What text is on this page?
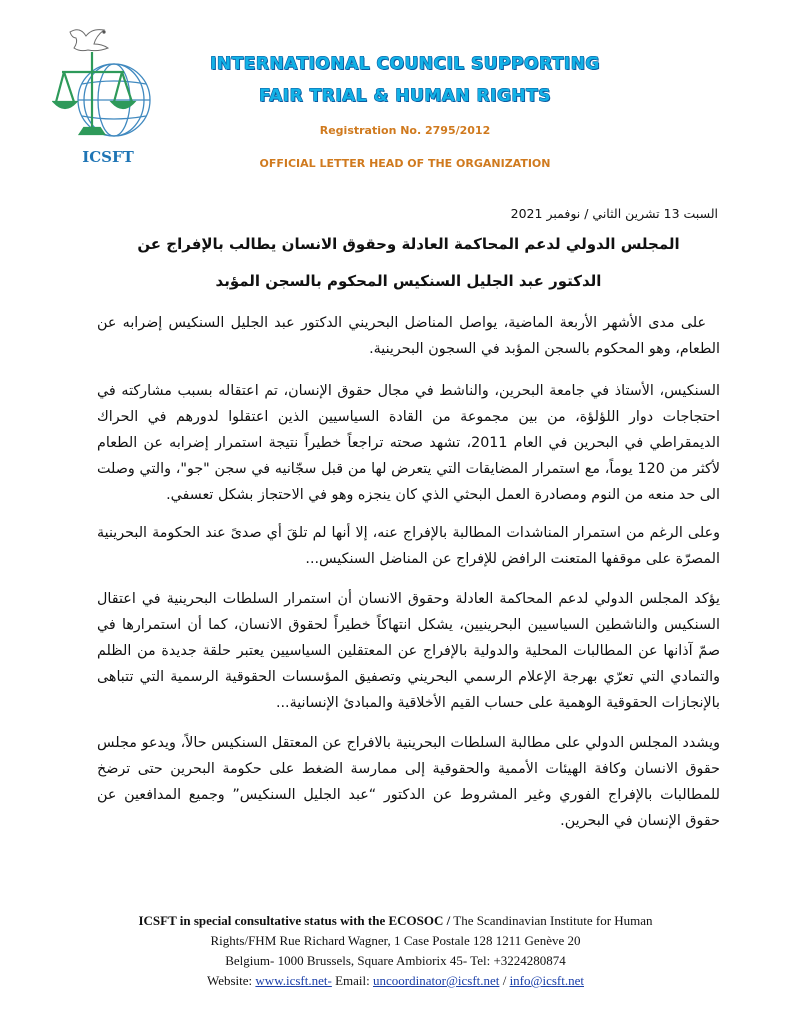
ICSFT
INTERNATIONAL COUNCIL SUPPORTING
FAIR TRIAL & HUMAN RIGHTS
Registration No. 2795/2012
OFFICIAL LETTER HEAD OF THE ORGANIZATION

السبت 13 تشرين الثاني / نوفمبر 2021

المجلس الدولي لدعم المحاكمة العادلة وحقوق الانسان يطالب بالإفراج عن

الدكتور عبد الجليل السنكيس المحكوم بالسجن المؤبد

على مدى الأشهر الأربعة الماضية، يواصل المناضل البحريني الدكتور عبد الجليل السنكيس إضرابه عن الطعام، وهو المحكوم بالسجن المؤبد في السجون البحرينية.

السنكيس، الأستاذ في جامعة البحرين، والناشط في مجال حقوق الإنسان، تم اعتقاله بسبب مشاركته في احتجاجات دوار اللؤلؤة، من بين مجموعة من القادة السياسيين الذين اعتقلوا لدورهم في الحراك الديمقراطي في البحرين في العام 2011، تشهد صحته تراجعاً خطيراً نتيجة استمرار إضرابه عن الطعام لأكثر من 120 يوماً، مع استمرار المضايقات التي يتعرض لها من قبل سجّانيه في سجن "جو"، والتي وصلت الى حد منعه من النوم ومصادرة العمل البحثي الذي كان ينجزه وهو في الاحتجاز بشكل تعسفي.

وعلى الرغم من استمرار المناشدات المطالبة بالإفراج عنه، إلا أنها لم تلقَ أي صدىً عند الحكومة البحرينية المصرّة على موقفها المتعنت الرافض للإفراج عن المناضل السنكيس...

يؤكد المجلس الدولي لدعم المحاكمة العادلة وحقوق الانسان أن استمرار السلطات البحرينية في اعتقال السنكيس والناشطين السياسيين البحرينيين، يشكل انتهاكاً خطيراً لحقوق الانسان، كما أن استمرارها في صمّ آذانها عن المطالبات المحلية والدولية بالإفراج عن المعتقلين السياسيين يعتبر حلقة جديدة من الظلم والتمادي التي تعرّي بهرجة الإعلام الرسمي البحريني وتصفيق المؤسسات الحقوقية الرسمية التي تتباهى بالإنجازات الحقوقية الوهمية على حساب القيم الأخلاقية والمبادئ الإنسانية...

ويشدد المجلس الدولي على مطالبة السلطات البحرينية بالافراج عن المعتقل السنكيس حالاً، ويدعو مجلس حقوق الانسان وكافة الهيئات الأممية والحقوقية إلى ممارسة الضغط على حكومة البحرين حتى ترضخ للمطالبات بالإفراج الفوري وغير المشروط عن الدكتور “عبد الجليل السنكيس” وجميع المدافعين عن حقوق الإنسان في البحرين.

ICSFT in special consultative status with the ECOSOC / The Scandinavian Institute for Human
Rights/FHM Rue Richard Wagner, 1 Case Postale 128 1211 Genève 20
Belgium- 1000 Brussels, Square Ambiorix 45- Tel: +3224280874
Website: www.icsft.net- Email: uncoordinator@icsft.net / info@icsft.net
